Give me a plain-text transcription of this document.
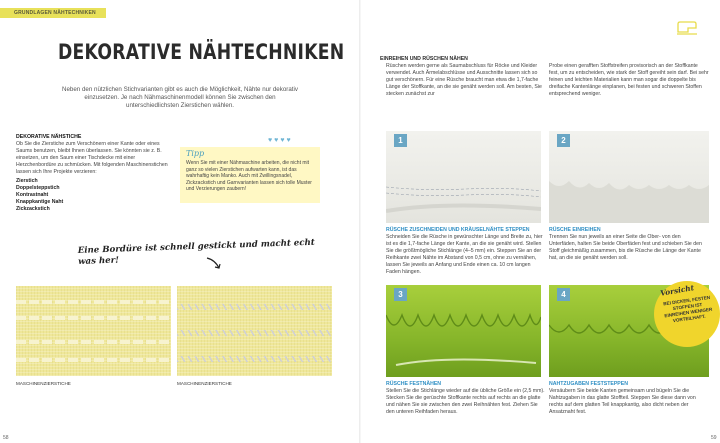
GRUNDLAGEN NÄHTECHNIKEN
DEKORATIVE NÄHTECHNIKEN
Neben den nützlichen Stichvarianten gibt es auch die Möglichkeit, Nähte nur dekorativ einzusetzen. Je nach Nähmaschinenmodell können Sie zwischen den unterschiedlichsten Zierstichen wählen.
DEKORATIVE NÄHSTICHE
Ob Sie die Zierstiche zum Verschönern einer Kante oder eines Saums benutzen, bleibt Ihnen überlassen. Sie könnten sie z. B. einsetzen, um den Saum einer Tischdecke mit einer Herzchenbordüre zu schmücken. Mit folgenden Maschinenstichen lassen sich Ihre Projekte verzieren:
Zierstich
Doppelsteppstich
Kontrastnaht
Knappkantige Naht
Zickzackstich
♥♥♥♥
Tipp
Wenn Sie mit einer Nähmaschine arbeiten, die nicht mit ganz so vielen Zierstichen aufwarten kann, ist das wahrhaftig kein Manko. Auch mit Zwillingsnadel, Zickzackstich und Garnvarianten lassen sich tolle Muster und Verzierungen zaubern!
Eine Bordüre ist schnell gestickt und macht echt was her!
MASCHINENZIERSTICHE	MASCHINENZIERSTICHE
58
EINREIHEN UND RÜSCHEN NÄHEN
Rüschen werden gerne als Saumabschluss für Röcke und Kleider verwendet. Auch Ärmelabschlüsse und Ausschnitte lassen sich so gut verschönern. Für eine Rüsche braucht man etwa die 1,7-fache Länge der Stoffkante, an die sie genäht werden soll. Am besten, Sie stecken zunächst zur
Probe einen gerafften Stoffstreifen provisorisch an der Stoffkante fest, um zu entscheiden, wie stark der Stoff gereiht sein darf. Bei sehr feinen und leichten Materialien kann man sogar die doppelte bis dreifache Kantenlänge einplanen, bei festen und schweren Stoffen entsprechend weniger.
1
RÜSCHE ZUSCHNEIDEN UND KRÄUSELNÄHTE STEPPEN
Schneiden Sie die Rüsche in gewünschter Länge und Breite zu, hier ist es die 1,7-fache Länge der Kante, an die sie genäht wird. Stellen Sie die größtmögliche Stichlänge (4–5 mm) ein. Steppen Sie an der Reihkante zwei Nähte im Abstand von 0,5 cm, ohne zu vernähen, lassen Sie jeweils an Anfang und Ende einen ca. 10 cm langen Faden hängen.
2
RÜSCHE EINREIHEN
Trennen Sie nun jeweils an einer Seite die Ober- von den Unterfäden, halten Sie beide Oberfäden fest und schieben Sie den Stoff gleichmäßig zusammen, bis die Rüsche die Länge der Kante hat, an die sie genäht werden soll.
3
RÜSCHE FESTNÄHEN
Stellen Sie die Stichlänge wieder auf die übliche Größe ein (2,5 mm). Stecken Sie die gerüschte Stoffkante rechts auf rechts an die glatte und nähen Sie sie zwischen den zwei Reihnähten fest. Ziehen Sie den unteren Reihfaden heraus.
4
NAHTZUGABEN FESTSTEPPEN
Versäubern Sie beide Kanten gemeinsam und bügeln Sie die Nahtzugaben in das glatte Stoffteil. Steppen Sie diese dann von rechts auf dem glatten Teil knappkantig, also dicht neben der Ansatznaht fest.
Vorsicht
BEI DICKEN, FESTEN STOFFEN IST EINREIHEN WENIGER VORTEILHAFT.
59
